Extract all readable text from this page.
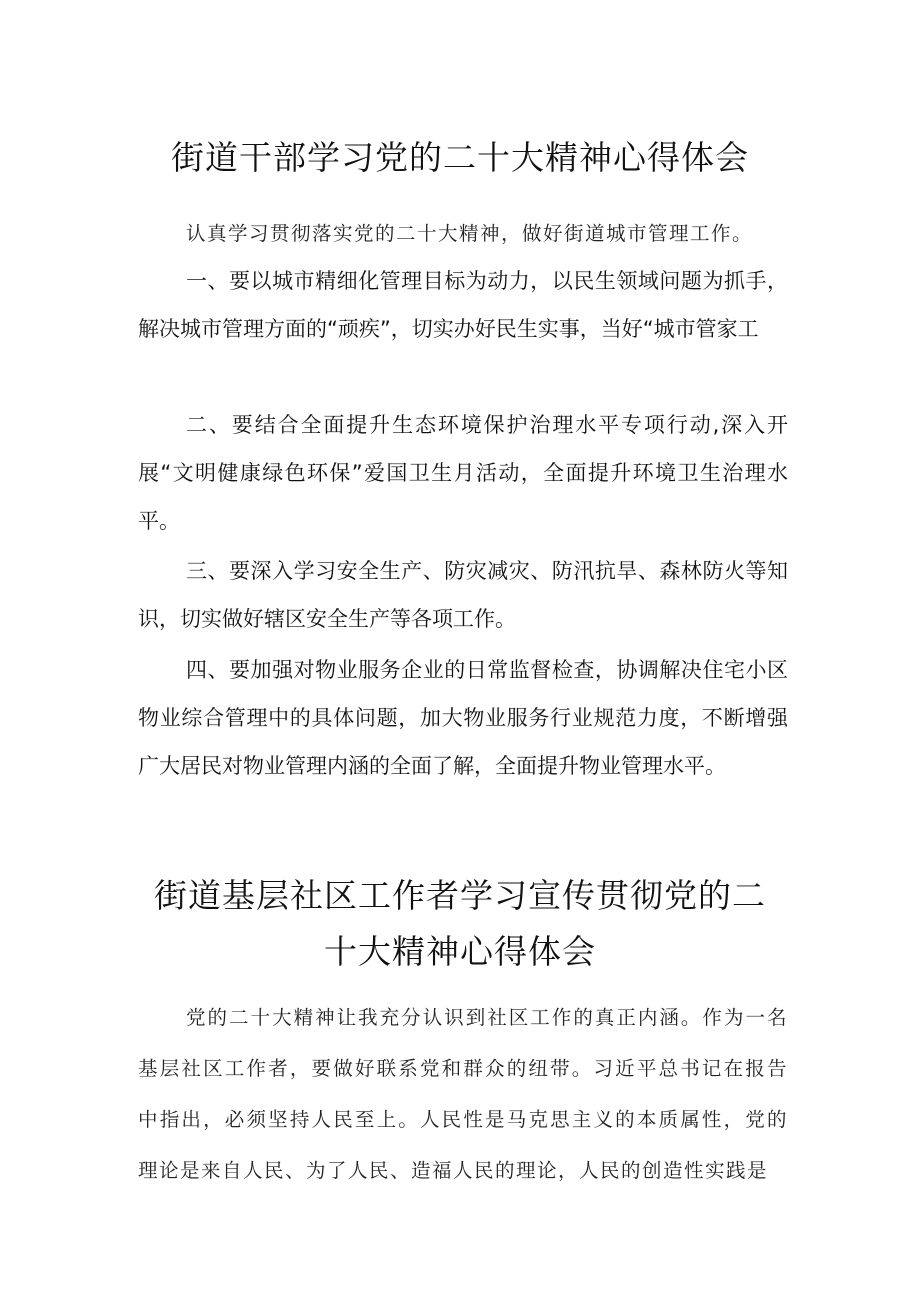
街道干部学习党的二十大精神心得体会

认真学习贯彻落实党的二十大精神，做好街道城市管理工作。

一、要以城市精细化管理目标为动力，以民生领域问题为抓手，解决城市管理方面的“顽疾”，切实办好民生实事，当好“城市管家工

二、要结合全面提升生态环境保护治理水平专项行动,深入开展“文明健康绿色环保”爱国卫生月活动，全面提升环境卫生治理水平。

三、要深入学习安全生产、防灾减灾、防汛抗旱、森林防火等知识，切实做好辖区安全生产等各项工作。

四、要加强对物业服务企业的日常监督检查，协调解决住宅小区物业综合管理中的具体问题，加大物业服务行业规范力度，不断增强广大居民对物业管理内涵的全面了解，全面提升物业管理水平。

街道基层社区工作者学习宣传贯彻党的二
十大精神心得体会

党的二十大精神让我充分认识到社区工作的真正内涵。作为一名基层社区工作者，要做好联系党和群众的纽带。习近平总书记在报告中指出，必须坚持人民至上。人民性是马克思主义的本质属性，党的理论是来自人民、为了人民、造福人民的理论，人民的创造性实践是
